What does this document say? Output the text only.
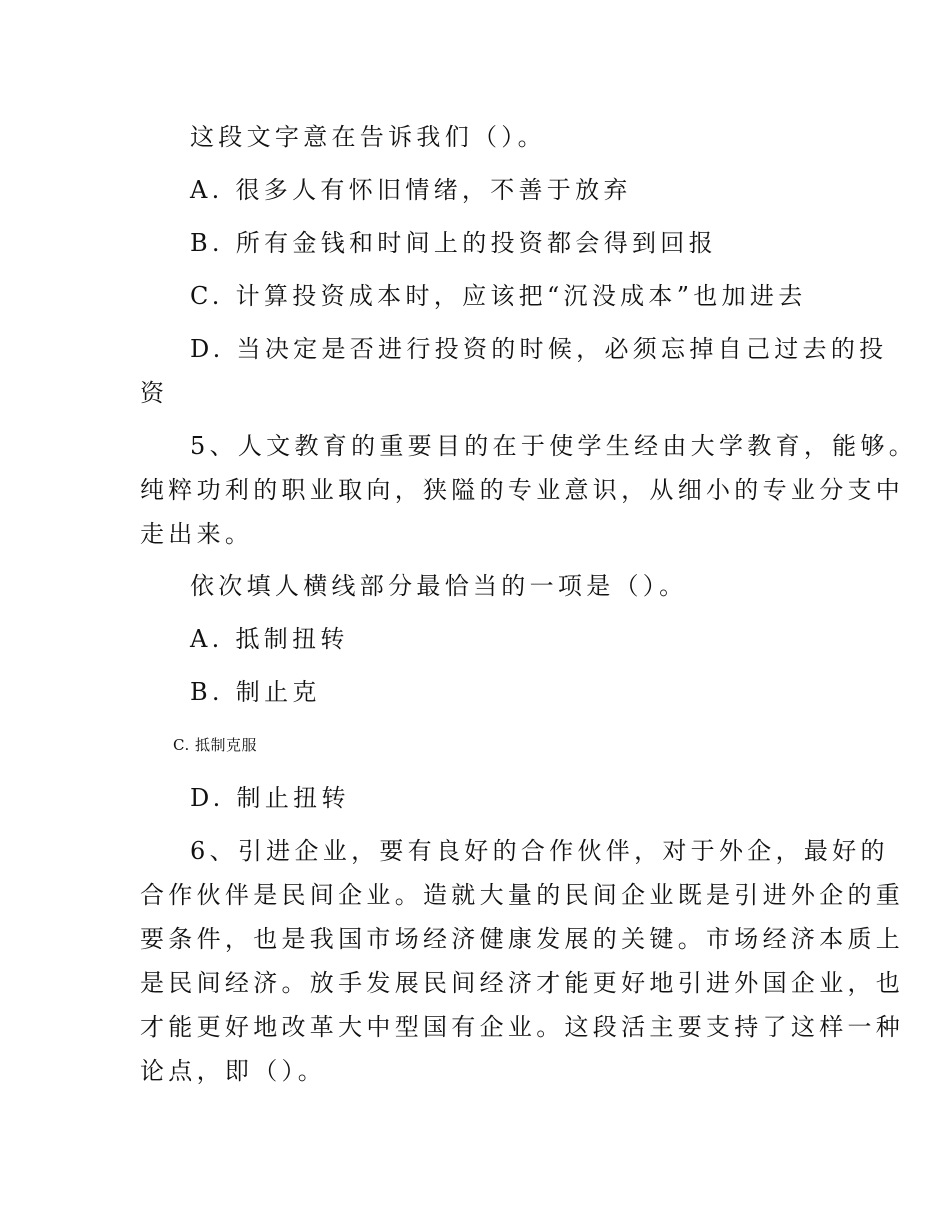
这段文字意在告诉我们（）。

A. 很多人有怀旧情绪，不善于放弃

B. 所有金钱和时间上的投资都会得到回报

C. 计算投资成本时，应该把“沉没成本”也加进去

D. 当决定是否进行投资的时候，必须忘掉自己过去的投

资

5、人文教育的重要目的在于使学生经由大学教育，能够。

纯粹功利的职业取向，狭隘的专业意识，从细小的专业分支中

走出来。

依次填人横线部分最恰当的一项是（）。

A. 抵制扭转

B. 制止克

C. 抵制克服

D. 制止扭转

6、引进企业，要有良好的合作伙伴，对于外企，最好的

合作伙伴是民间企业。造就大量的民间企业既是引进外企的重

要条件，也是我国市场经济健康发展的关键。市场经济本质上

是民间经济。放手发展民间经济才能更好地引进外国企业，也

才能更好地改革大中型国有企业。这段活主要支持了这样一种

论点，即（）。
